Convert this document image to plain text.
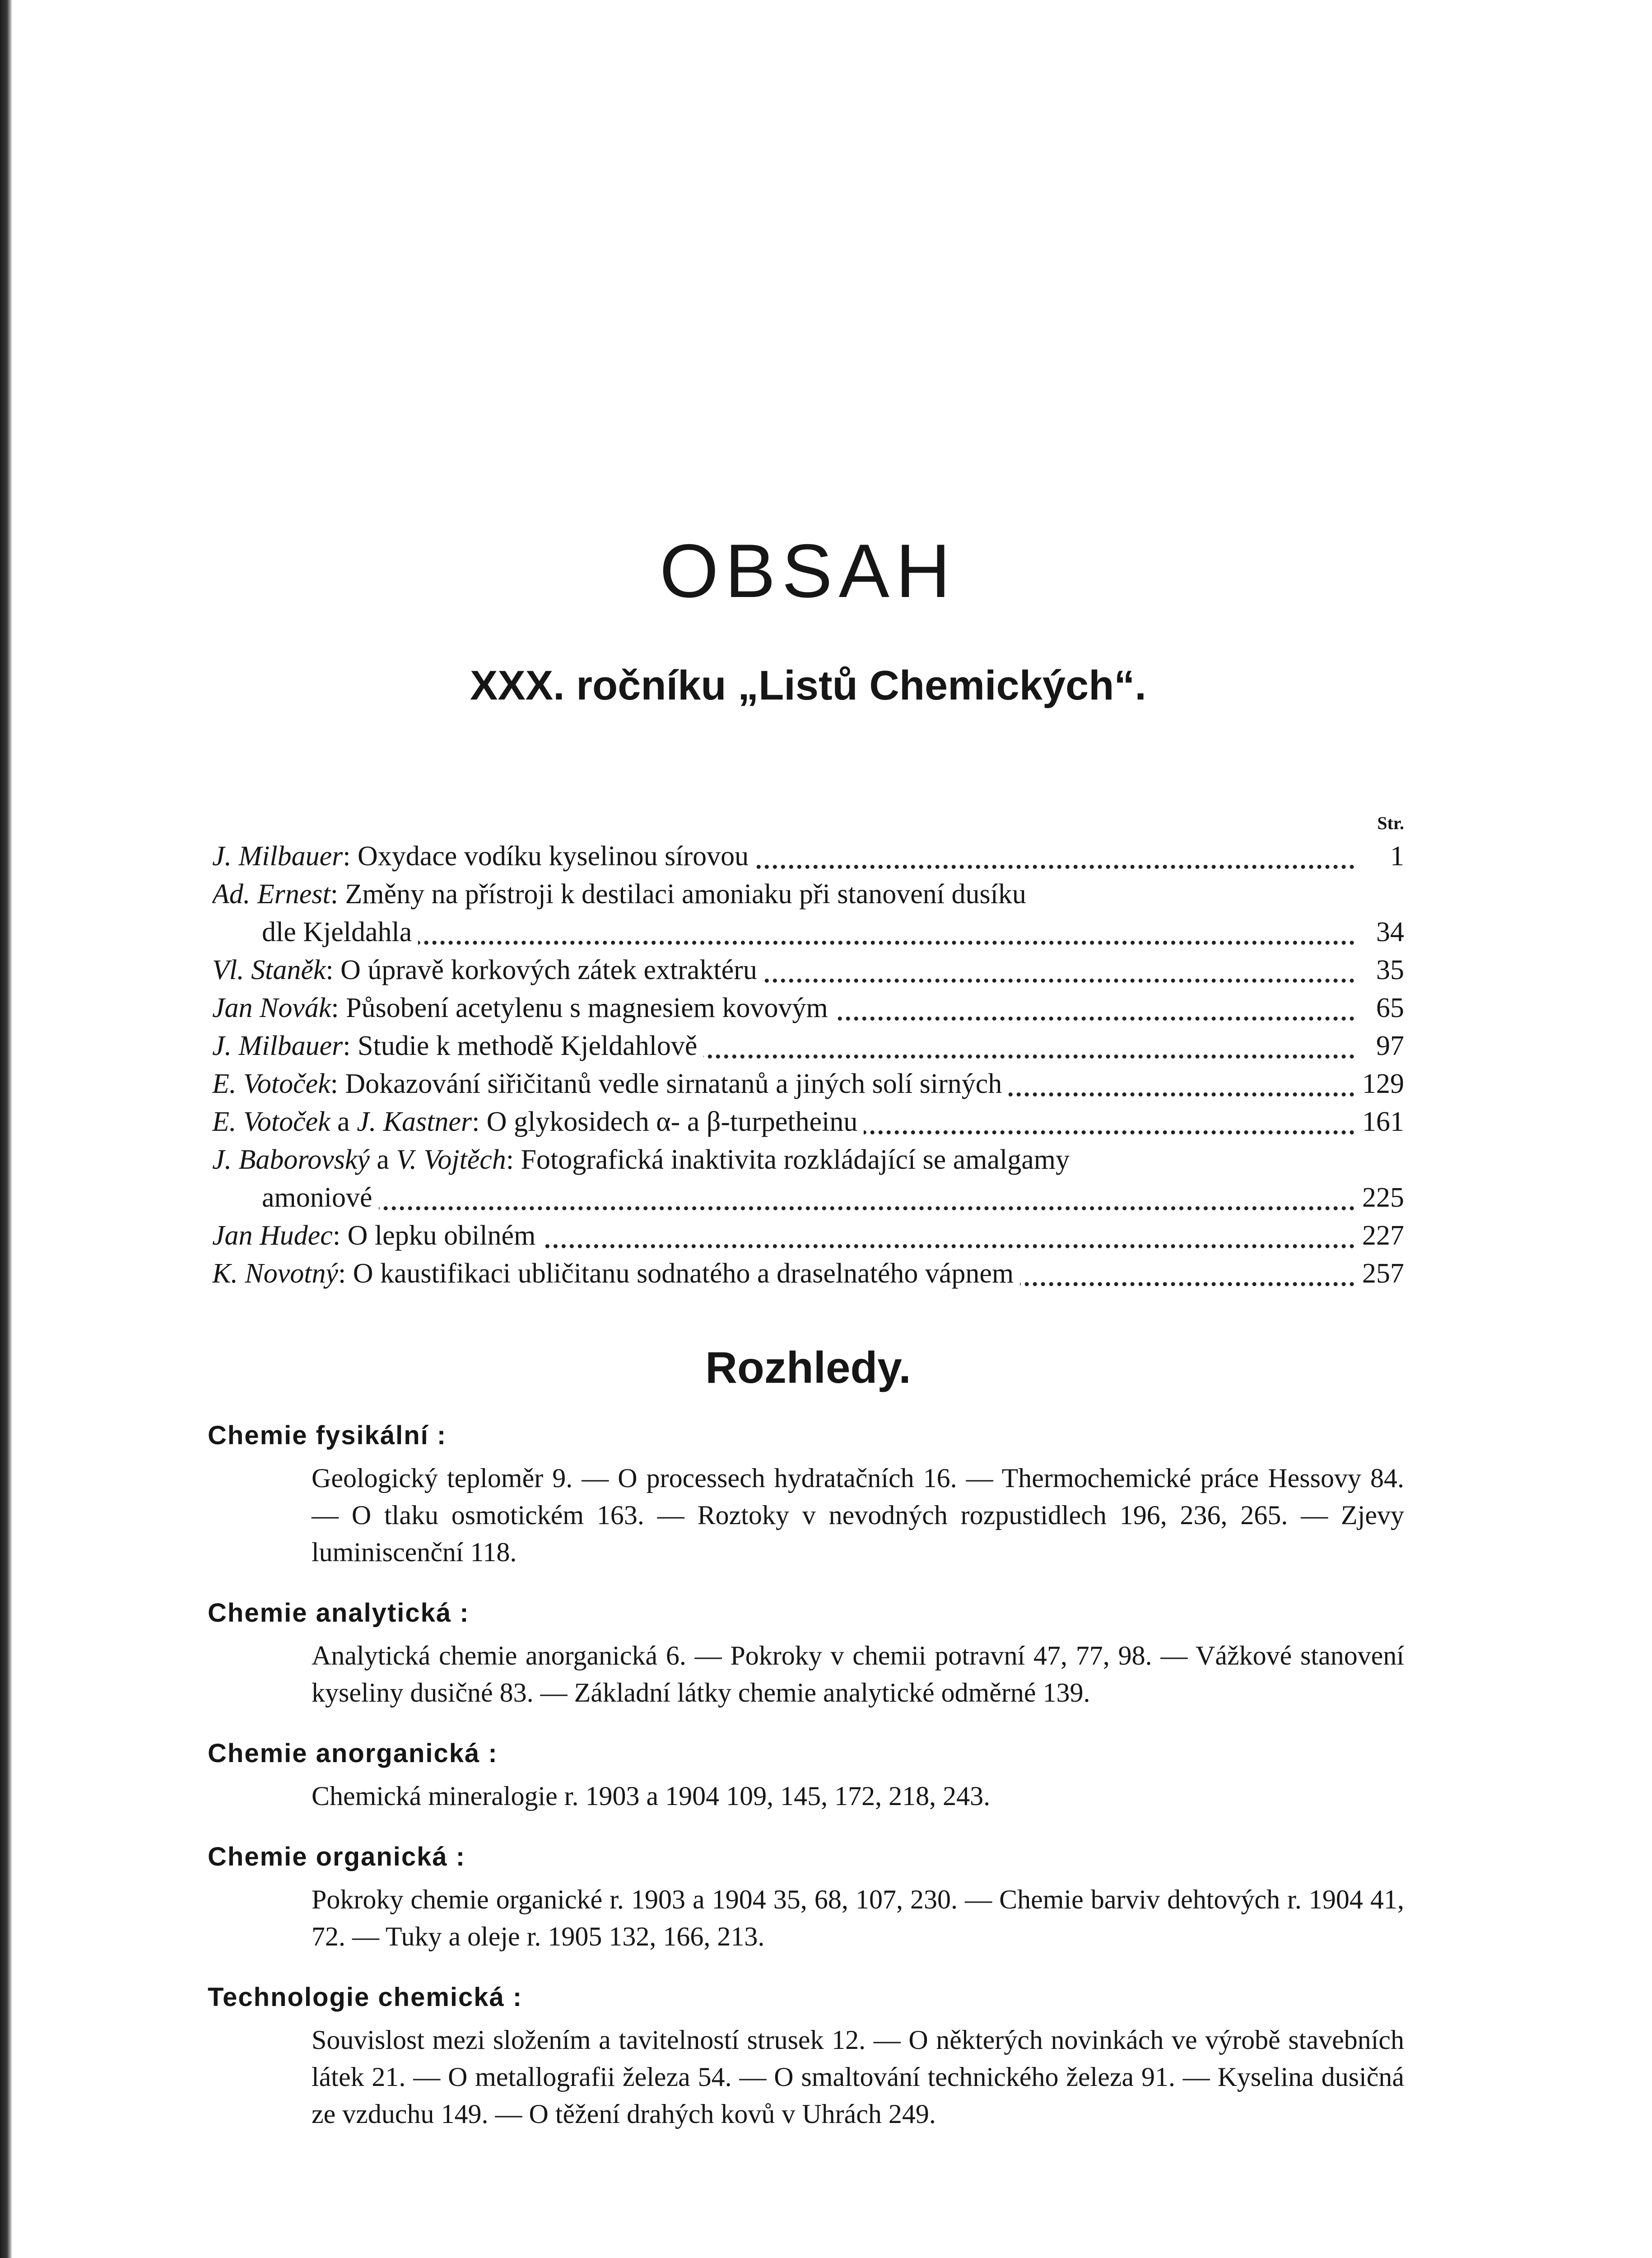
OBSAH
XXX. ročníku „Listů Chemických“.
Str.
J. Milbauer: Oxydace vodíku kyselinou sírovou	1
Ad. Ernest: Změny na přístroji k destilaci amoniaku při stanovení dusíku
dle Kjeldahla	34
Vl. Staněk: O úpravě korkových zátek extraktéru	35
Jan Novák: Působení acetylenu s magnesiem kovovým	65
J. Milbauer: Studie k methodě Kjeldahlově	97
E. Votoček: Dokazování siřičitanů vedle sirnatanů a jiných solí sirných	129
E. Votoček a J. Kastner: O glykosidech α- a β-turpetheinu	161
J. Baborovský a V. Vojtěch: Fotografická inaktivita rozkládající se amalgamy
amoniové	225
Jan Hudec: O lepku obilném	227
K. Novotný: O kaustifikaci ubličitanu sodnatého a draselnatého vápnem	257
Rozhledy.
Chemie fysikální :
Geologický teploměr 9. — O processech hydratačních 16. — Thermochemické práce Hessovy 84. — O tlaku osmotickém 163. — Roztoky v nevodných rozpustidlech 196, 236, 265. — Zjevy luminiscenční 118.
Chemie analytická :
Analytická chemie anorganická 6. — Pokroky v chemii potravní 47, 77, 98. — Vážkové stanovení kyseliny dusičné 83. — Základní látky chemie analytické odměrné 139.
Chemie anorganická :
Chemická mineralogie r. 1903 a 1904 109, 145, 172, 218, 243.
Chemie organická :
Pokroky chemie organické r. 1903 a 1904 35, 68, 107, 230. — Chemie barviv dehtových r. 1904 41, 72. — Tuky a oleje r. 1905 132, 166, 213.
Technologie chemická :
Souvislost mezi složením a tavitelností strusek 12. — O některých novinkách ve výrobě stavebních látek 21. — O metallografii železa 54. — O smaltování technického železa 91. — Kyselina dusičná ze vzduchu 149. — O těžení drahých kovů v Uhrách 249.
